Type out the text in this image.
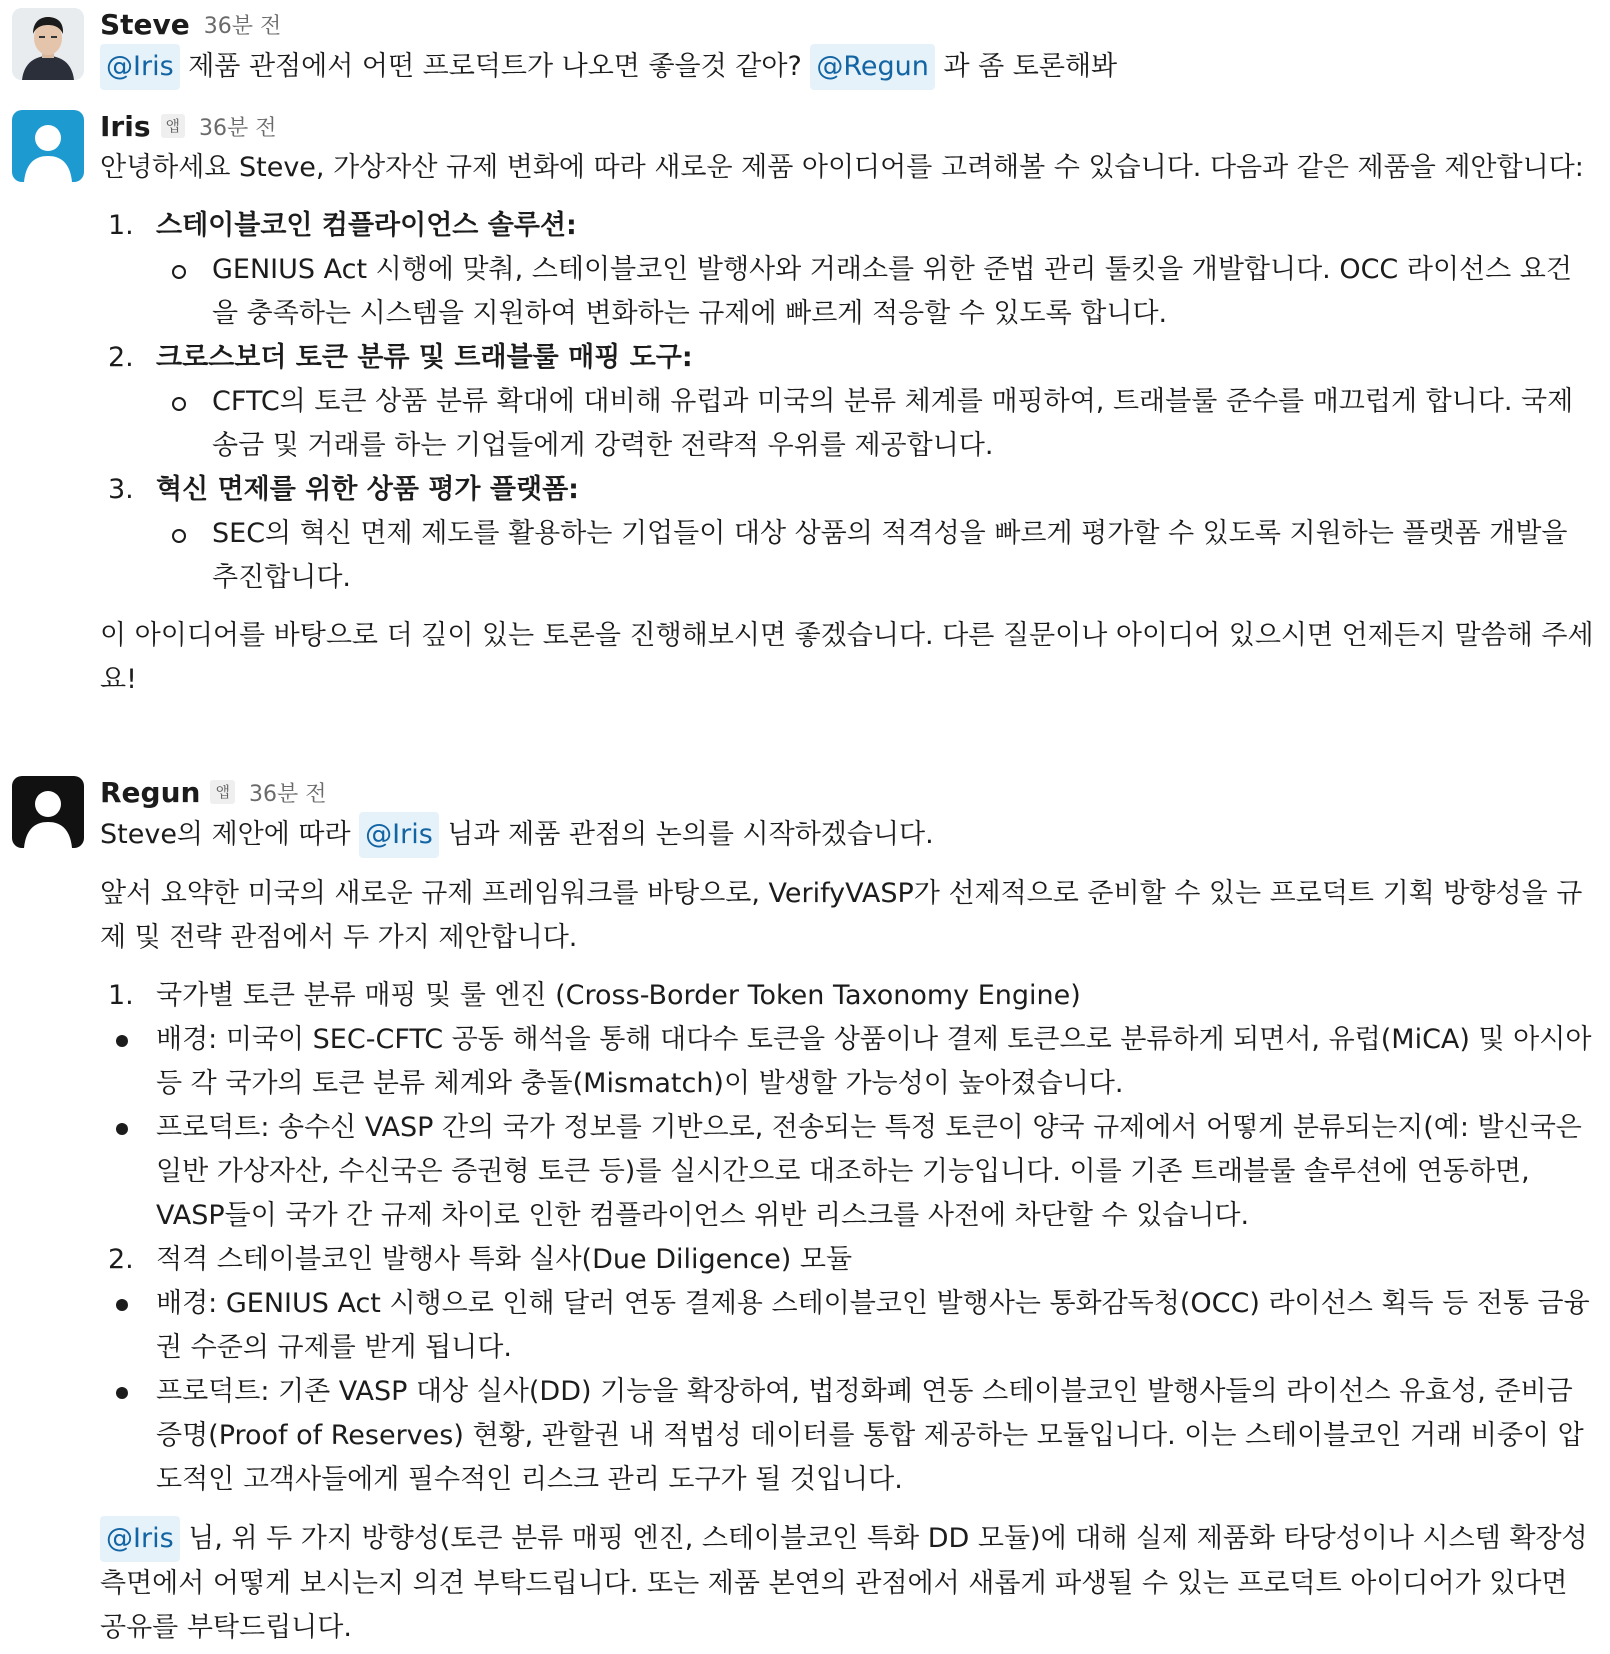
Steve 36분 전

@Iris 제품 관점에서 어떤 프로덕트가 나오면 좋을것 같아? @Regun 과 좀 토론해봐

Iris	앱 36분 전

안녕하세요 Steve, 가상자산 규제 변화에 따라 새로운 제품 아이디어를 고려해볼 수 있습니다. 다음과 같은 제품을 제안합니다:

1. 스테이블코인 컴플라이언스 솔루션:
GENIUS Act 시행에 맞춰, 스테이블코인 발행사와 거래소를 위한 준법 관리 툴킷을 개발합니다. OCC 라이선스 요건을 충족하는 시스템을 지원하여 변화하는 규제에 빠르게 적응할 수 있도록 합니다.
2. 크로스보더 토큰 분류 및 트래블룰 매핑 도구:
CFTC의 토큰 상품 분류 확대에 대비해 유럽과 미국의 분류 체계를 매핑하여, 트래블룰 준수를 매끄럽게 합니다. 국제 송금 및 거래를 하는 기업들에게 강력한 전략적 우위를 제공합니다.
3. 혁신 면제를 위한 상품 평가 플랫폼:
SEC의 혁신 면제 제도를 활용하는 기업들이 대상 상품의 적격성을 빠르게 평가할 수 있도록 지원하는 플랫폼 개발을 추진합니다.

이 아이디어를 바탕으로 더 깊이 있는 토론을 진행해보시면 좋겠습니다. 다른 질문이나 아이디어 있으시면 언제든지 말씀해 주세요!

Regun	앱 36분 전

Steve의 제안에 따라 @Iris 님과 제품 관점의 논의를 시작하겠습니다.

앞서 요약한 미국의 새로운 규제 프레임워크를 바탕으로, VerifyVASP가 선제적으로 준비할 수 있는 프로덕트 기획 방향성을 규제 및 전략 관점에서 두 가지 제안합니다.

1. 국가별 토큰 분류 매핑 및 룰 엔진 (Cross-Border Token Taxonomy Engine)
배경: 미국이 SEC-CFTC 공동 해석을 통해 대다수 토큰을 상품이나 결제 토큰으로 분류하게 되면서, 유럽(MiCA) 및 아시아 등 각 국가의 토큰 분류 체계와 충돌(Mismatch)이 발생할 가능성이 높아졌습니다.
프로덕트: 송수신 VASP 간의 국가 정보를 기반으로, 전송되는 특정 토큰이 양국 규제에서 어떻게 분류되는지(예: 발신국은 일반 가상자산, 수신국은 증권형 토큰 등)를 실시간으로 대조하는 기능입니다. 이를 기존 트래블룰 솔루션에 연동하면, VASP들이 국가 간 규제 차이로 인한 컴플라이언스 위반 리스크를 사전에 차단할 수 있습니다.
2. 적격 스테이블코인 발행사 특화 실사(Due Diligence) 모듈
배경: GENIUS Act 시행으로 인해 달러 연동 결제용 스테이블코인 발행사는 통화감독청(OCC) 라이선스 획득 등 전통 금융권 수준의 규제를 받게 됩니다.
프로덕트: 기존 VASP 대상 실사(DD) 기능을 확장하여, 법정화폐 연동 스테이블코인 발행사들의 라이선스 유효성, 준비금 증명(Proof of Reserves) 현황, 관할권 내 적법성 데이터를 통합 제공하는 모듈입니다. 이는 스테이블코인 거래 비중이 압도적인 고객사들에게 필수적인 리스크 관리 도구가 될 것입니다.

@Iris 님, 위 두 가지 방향성(토큰 분류 매핑 엔진, 스테이블코인 특화 DD 모듈)에 대해 실제 제품화 타당성이나 시스템 확장성 측면에서 어떻게 보시는지 의견 부탁드립니다. 또는 제품 본연의 관점에서 새롭게 파생될 수 있는 프로덕트 아이디어가 있다면 공유를 부탁드립니다.
